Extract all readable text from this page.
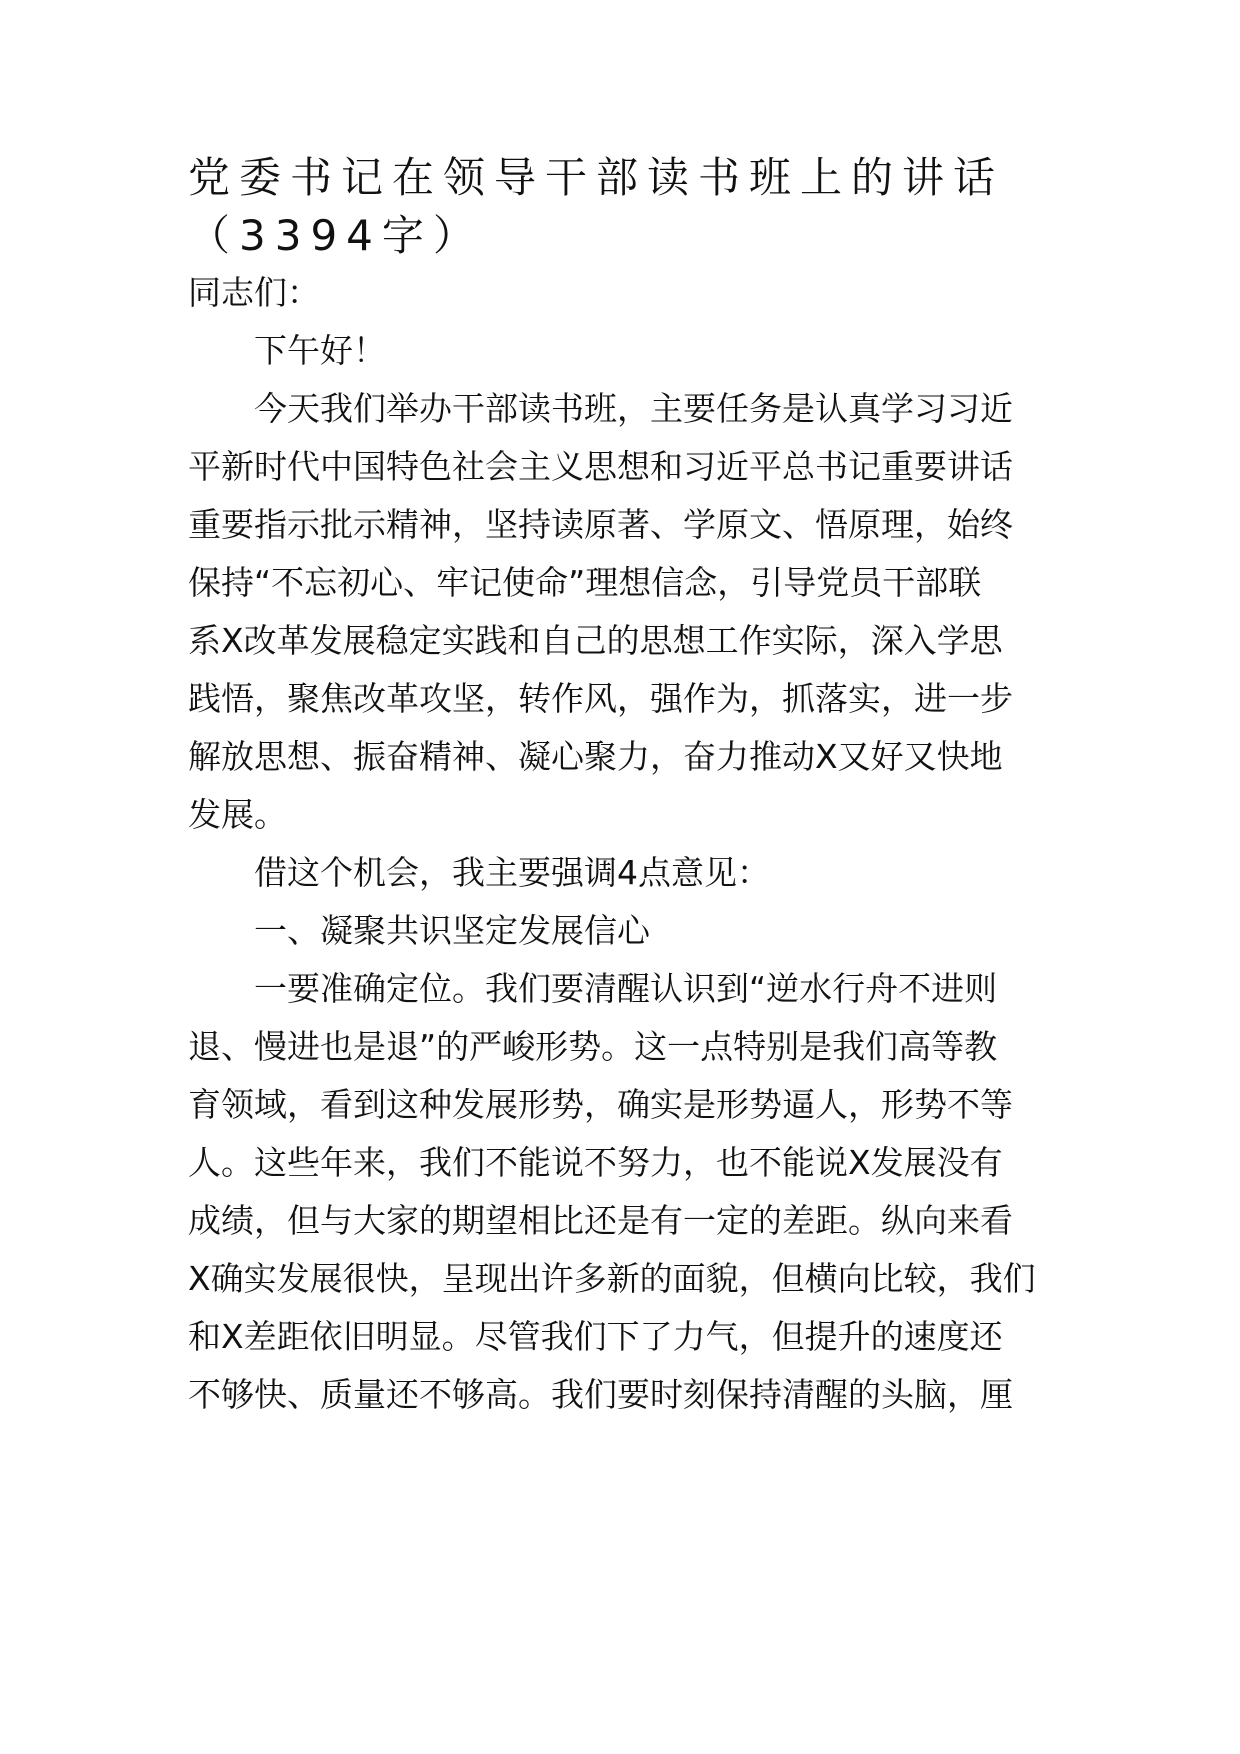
党委书记在领导干部读书班上的讲话
（3394字）
同志们：
下午好！
今天我们举办干部读书班，主要任务是认真学习习近
平新时代中国特色社会主义思想和习近平总书记重要讲话
重要指示批示精神，坚持读原著、学原文、悟原理，始终
保持“不忘初心、牢记使命”理想信念，引导党员干部联
系X改革发展稳定实践和自己的思想工作实际，深入学思
践悟，聚焦改革攻坚，转作风，强作为，抓落实，进一步
解放思想、振奋精神、凝心聚力，奋力推动X又好又快地
发展。
借这个机会，我主要强调4点意见：
一、凝聚共识坚定发展信心
一要准确定位。我们要清醒认识到“逆水行舟不进则
退、慢进也是退”的严峻形势。这一点特别是我们高等教
育领域，看到这种发展形势，确实是形势逼人，形势不等
人。这些年来，我们不能说不努力，也不能说X发展没有
成绩，但与大家的期望相比还是有一定的差距。纵向来看
X确实发展很快，呈现出许多新的面貌，但横向比较，我们
和X差距依旧明显。尽管我们下了力气，但提升的速度还
不够快、质量还不够高。我们要时刻保持清醒的头脑，厘
